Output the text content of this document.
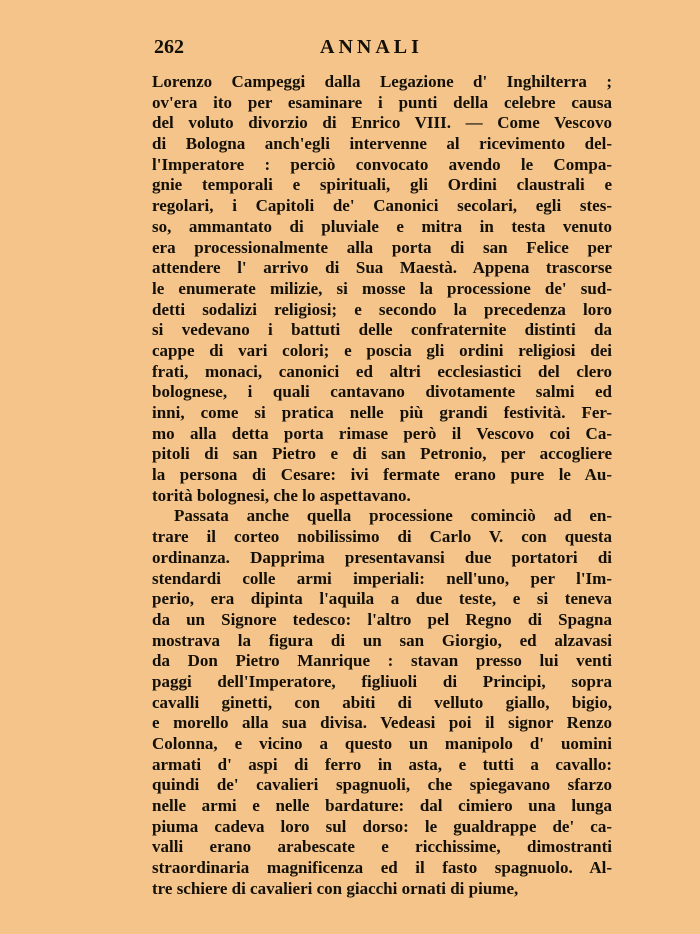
262	ANNALI
Lorenzo Campeggi dalla Legazione d' Inghilterra ;
ov'era ito per esaminare i punti della celebre causa
del voluto divorzio di Enrico VIII. — Come Vescovo
di Bologna anch'egli intervenne al ricevimento del-
l'Imperatore : perciò convocato avendo le Compa-
gnie temporali e spirituali, gli Ordini claustrali e
regolari, i Capitoli de' Canonici secolari, egli stes-
so, ammantato di pluviale e mitra in testa venuto
era processionalmente alla porta di san Felice per
attendere l' arrivo di Sua Maestà. Appena trascorse
le enumerate milizie, si mosse la processione de' sud-
detti sodalizi religiosi; e secondo la precedenza loro
si vedevano i battuti delle confraternite distinti da
cappe di vari colori; e poscia gli ordini religiosi dei
frati, monaci, canonici ed altri ecclesiastici del clero
bolognese, i quali cantavano divotamente salmi ed
inni, come si pratica nelle più grandi festività. Fer-
mo alla detta porta rimase però il Vescovo coi Ca-
pitoli di san Pietro e di san Petronio, per accogliere
la persona di Cesare: ivi fermate erano pure le Au-
torità bolognesi, che lo aspettavano.
Passata anche quella processione cominciò ad en-
trare il corteo nobilissimo di Carlo V. con questa
ordinanza. Dapprima presentavansi due portatori di
stendardi colle armi imperiali: nell'uno, per l'Im-
perio, era dipinta l'aquila a due teste, e si teneva
da un Signore tedesco: l'altro pel Regno di Spagna
mostrava la figura di un san Giorgio, ed alzavasi
da Don Pietro Manrique : stavan presso lui venti
paggi dell'Imperatore, figliuoli di Principi, sopra
cavalli ginetti, con abiti di velluto giallo, bigio,
e morello alla sua divisa. Vedeasi poi il signor Renzo
Colonna, e vicino a questo un manipolo d' uomini
armati d' aspi di ferro in asta, e tutti a cavallo:
quindi de' cavalieri spagnuoli, che spiegavano sfarzo
nelle armi e nelle bardature: dal cimiero una lunga
piuma cadeva loro sul dorso: le gualdrappe de' ca-
valli erano arabescate e ricchissime, dimostranti
straordinaria magnificenza ed il fasto spagnuolo. Al-
tre schiere di cavalieri con giacchi ornati di piume,
